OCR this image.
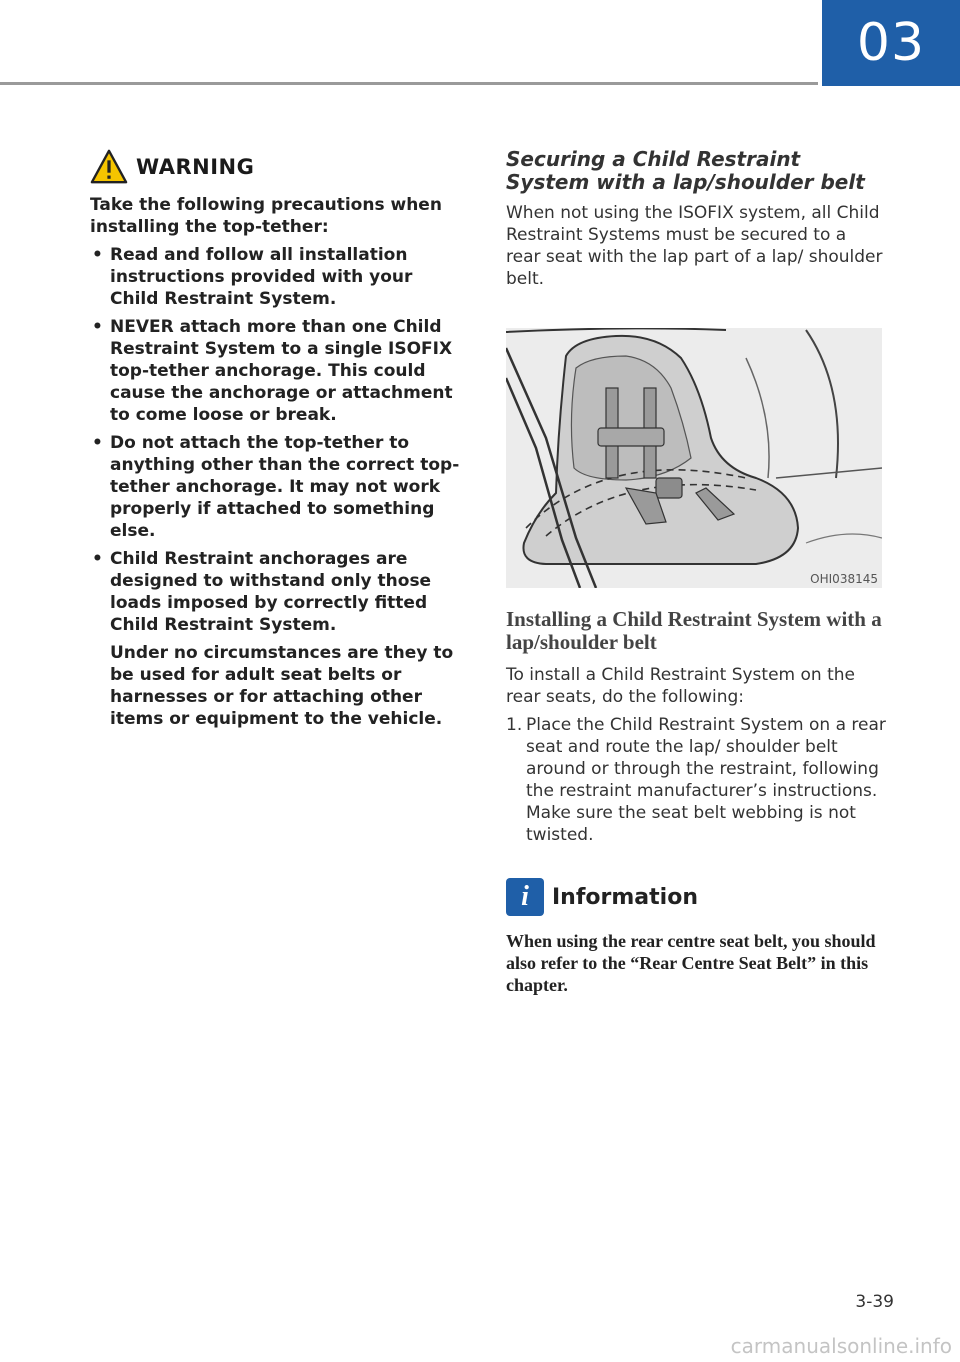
03
WARNING

Take the following precautions when installing the top-tether:

• Read and follow all installation instructions provided with your Child Restraint System.
• NEVER attach more than one Child Restraint System to a single ISOFIX top-tether anchorage. This could cause the anchorage or attachment to come loose or break.
• Do not attach the top-tether to anything other than the correct top-tether anchorage. It may not work properly if attached to something else.
• Child Restraint anchorages are designed to withstand only those loads imposed by correctly fitted Child Restraint System.

Under no circumstances are they to be used for adult seat belts or harnesses or for attaching other items or equipment to the vehicle.

Securing a Child Restraint System with a lap/shoulder belt

When not using the ISOFIX system, all Child Restraint Systems must be secured to a rear seat with the lap part of a lap/ shoulder belt.

OHI038145
Installing a Child Restraint System with a lap/shoulder belt

To install a Child Restraint System on the rear seats, do the following:

1. Place the Child Restraint System on a rear seat and route the lap/ shoulder belt around or through the restraint, following the restraint manufacturer’s instructions. Make sure the seat belt webbing is not twisted.
i	Information

When using the rear centre seat belt, you should also refer to the “Rear Centre Seat Belt” in this chapter.

3-39
carmanualsonline.info
